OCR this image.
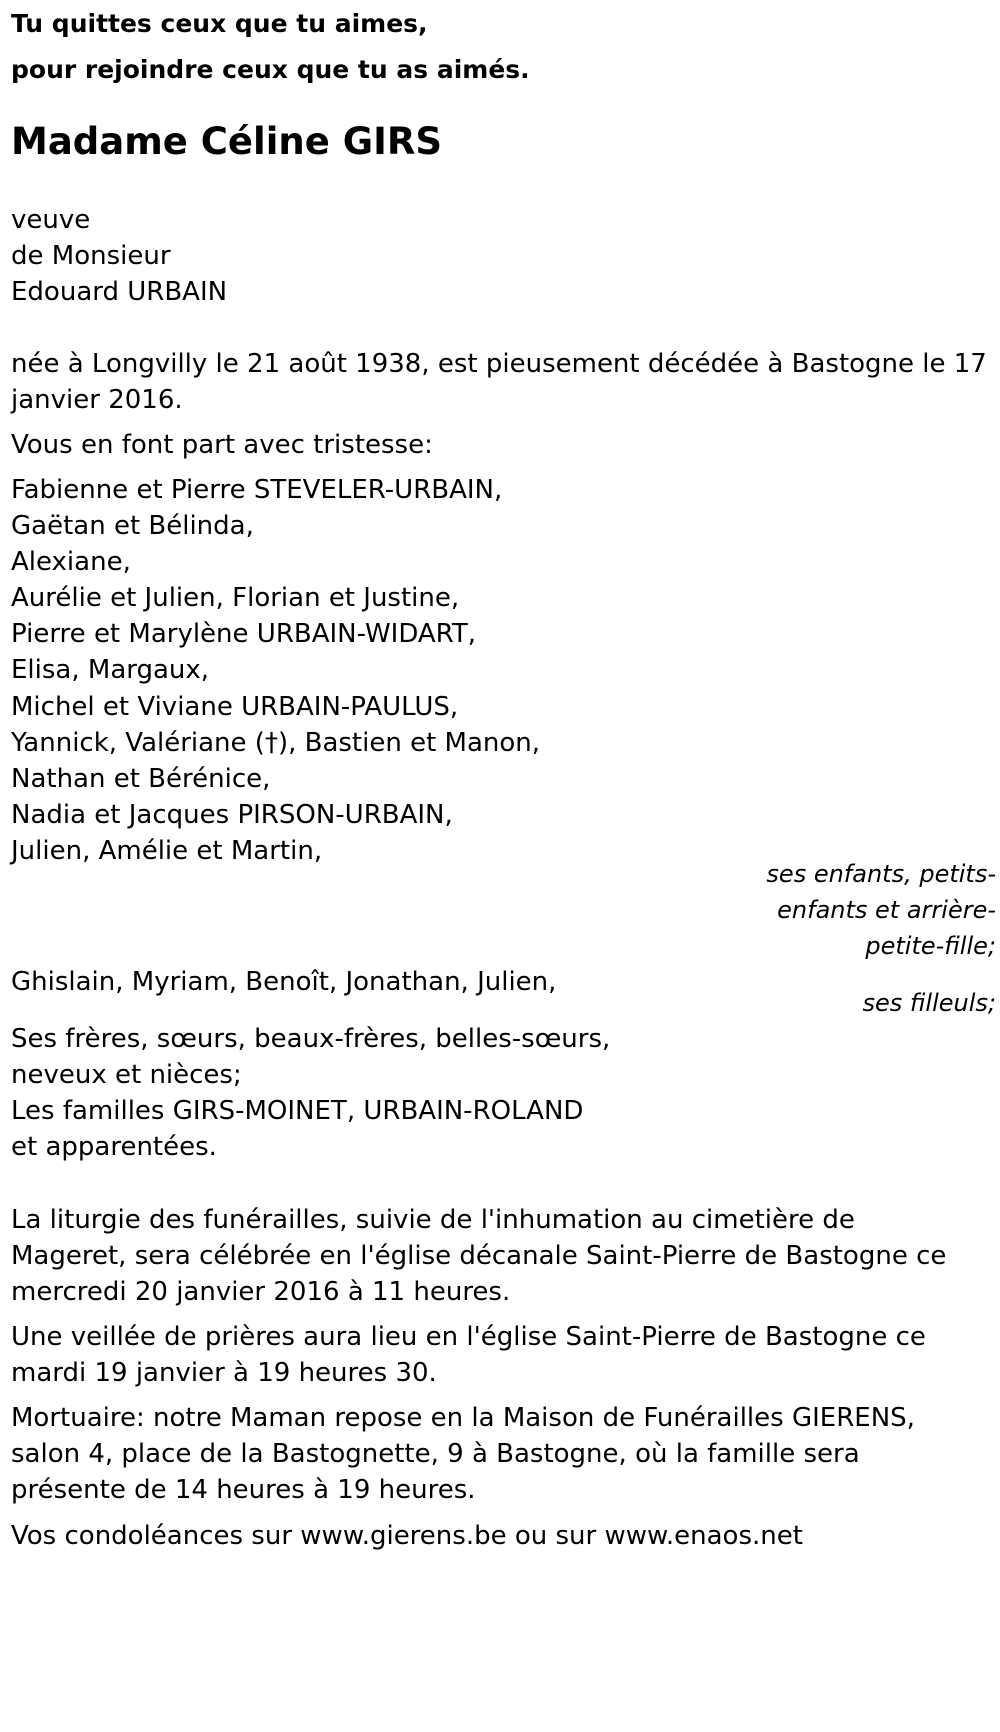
Tu quittes ceux que tu aimes,
pour rejoindre ceux que tu as aimés.
Madame Céline GIRS
veuve
de Monsieur
Edouard URBAIN
née à Longvilly le 21 août 1938, est pieusement décédée à Bastogne le 17
janvier 2016.
Vous en font part avec tristesse:
Fabienne et Pierre STEVELER-URBAIN,
Gaëtan et Bélinda,
Alexiane,
Aurélie et Julien, Florian et Justine,
Pierre et Marylène URBAIN-WIDART,
Elisa, Margaux,
Michel et Viviane URBAIN-PAULUS,
Yannick, Valériane (†), Bastien et Manon,
Nathan et Bérénice,
Nadia et Jacques PIRSON-URBAIN,
Julien, Amélie et Martin,
ses enfants, petits-
enfants et arrière-
petite-fille;
Ghislain, Myriam, Benoît, Jonathan, Julien,
ses filleuls;
Ses frères, sœurs, beaux-frères, belles-sœurs,
neveux et nièces;
Les familles GIRS-MOINET, URBAIN-ROLAND
et apparentées.
La liturgie des funérailles, suivie de l'inhumation au cimetière de
Mageret, sera célébrée en l'église décanale Saint-Pierre de Bastogne ce
mercredi 20 janvier 2016 à 11 heures.
Une veillée de prières aura lieu en l'église Saint-Pierre de Bastogne ce
mardi 19 janvier à 19 heures 30.
Mortuaire: notre Maman repose en la Maison de Funérailles GIERENS,
salon 4, place de la Bastognette, 9 à Bastogne, où la famille sera
présente de 14 heures à 19 heures.
Vos condoléances sur www.gierens.be ou sur www.enaos.net
